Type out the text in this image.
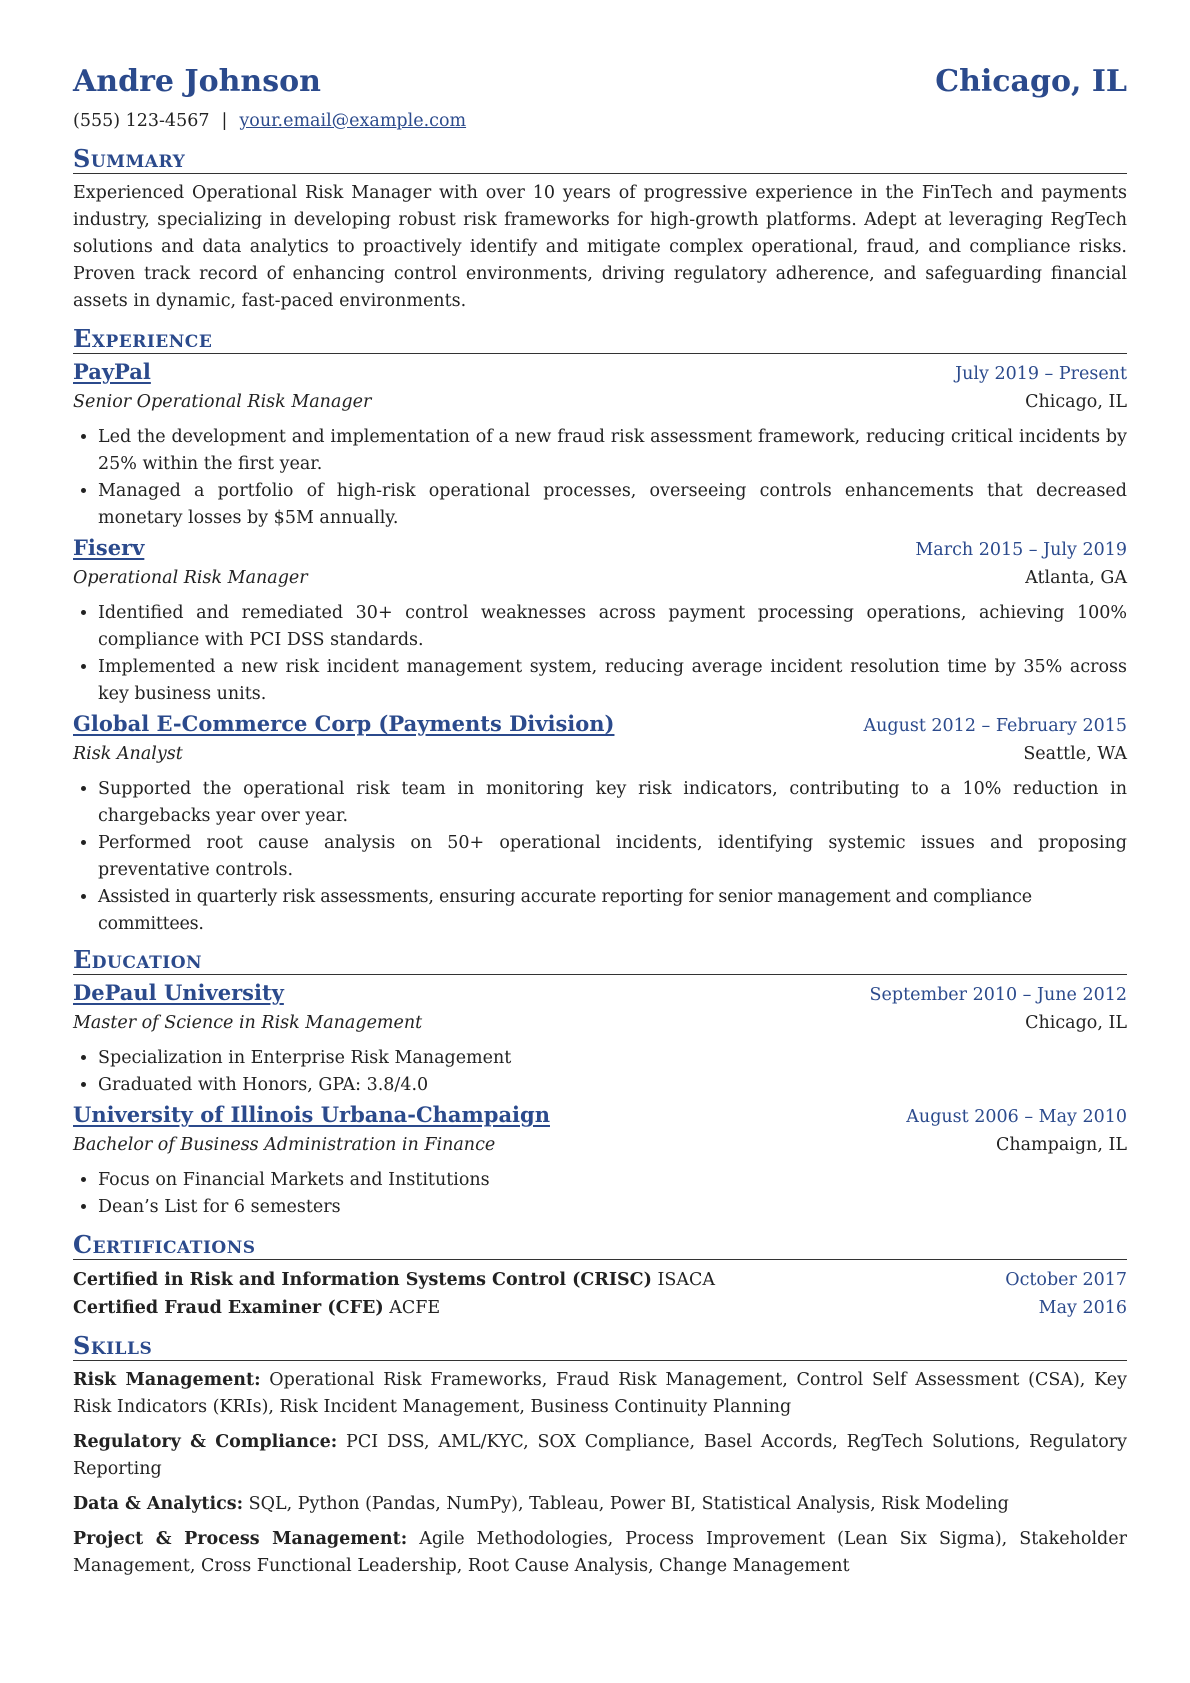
Andre Johnson	Chicago, IL
(555) 123-4567 | your.email@example.com
Summary
Experienced Operational Risk Manager with over 10 years of progressive experience in the FinTech and payments industry, specializing in developing robust risk frameworks for high-growth platforms. Adept at leveraging RegTech solutions and data analytics to proactively identify and mitigate complex operational, fraud, and compliance risks. Proven track record of enhancing control environments, driving regulatory adherence, and safeguarding financial assets in dynamic, fast-paced environments.
Experience
PayPal	July 2019 – Present
Senior Operational Risk Manager	Chicago, IL
• Led the development and implementation of a new fraud risk assessment framework, reducing critical incidents by 25% within the first year.
• Managed a portfolio of high-risk operational processes, overseeing controls enhancements that decreased monetary losses by $5M annually.
Fiserv	March 2015 – July 2019
Operational Risk Manager	Atlanta, GA
• Identified and remediated 30+ control weaknesses across payment processing operations, achieving 100% compliance with PCI DSS standards.
• Implemented a new risk incident management system, reducing average incident resolution time by 35% across key business units.
Global E-Commerce Corp (Payments Division)	August 2012 – February 2015
Risk Analyst	Seattle, WA
• Supported the operational risk team in monitoring key risk indicators, contributing to a 10% reduction in chargebacks year over year.
• Performed root cause analysis on 50+ operational incidents, identifying systemic issues and proposing preventative controls.
• Assisted in quarterly risk assessments, ensuring accurate reporting for senior management and compliance committees.
Education
DePaul University	September 2010 – June 2012
Master of Science in Risk Management	Chicago, IL
• Specialization in Enterprise Risk Management
• Graduated with Honors, GPA: 3.8/4.0
University of Illinois Urbana-Champaign	August 2006 – May 2010
Bachelor of Business Administration in Finance	Champaign, IL
• Focus on Financial Markets and Institutions
• Dean’s List for 6 semesters
Certifications
Certified in Risk and Information Systems Control (CRISC) ISACA	October 2017
Certified Fraud Examiner (CFE) ACFE	May 2016
Skills
Risk Management: Operational Risk Frameworks, Fraud Risk Management, Control Self Assessment (CSA), Key Risk Indicators (KRIs), Risk Incident Management, Business Continuity Planning
Regulatory & Compliance: PCI DSS, AML/KYC, SOX Compliance, Basel Accords, RegTech Solutions, Regulatory Reporting
Data & Analytics: SQL, Python (Pandas, NumPy), Tableau, Power BI, Statistical Analysis, Risk Modeling
Project & Process Management: Agile Methodologies, Process Improvement (Lean Six Sigma), Stakeholder Management, Cross Functional Leadership, Root Cause Analysis, Change Management
